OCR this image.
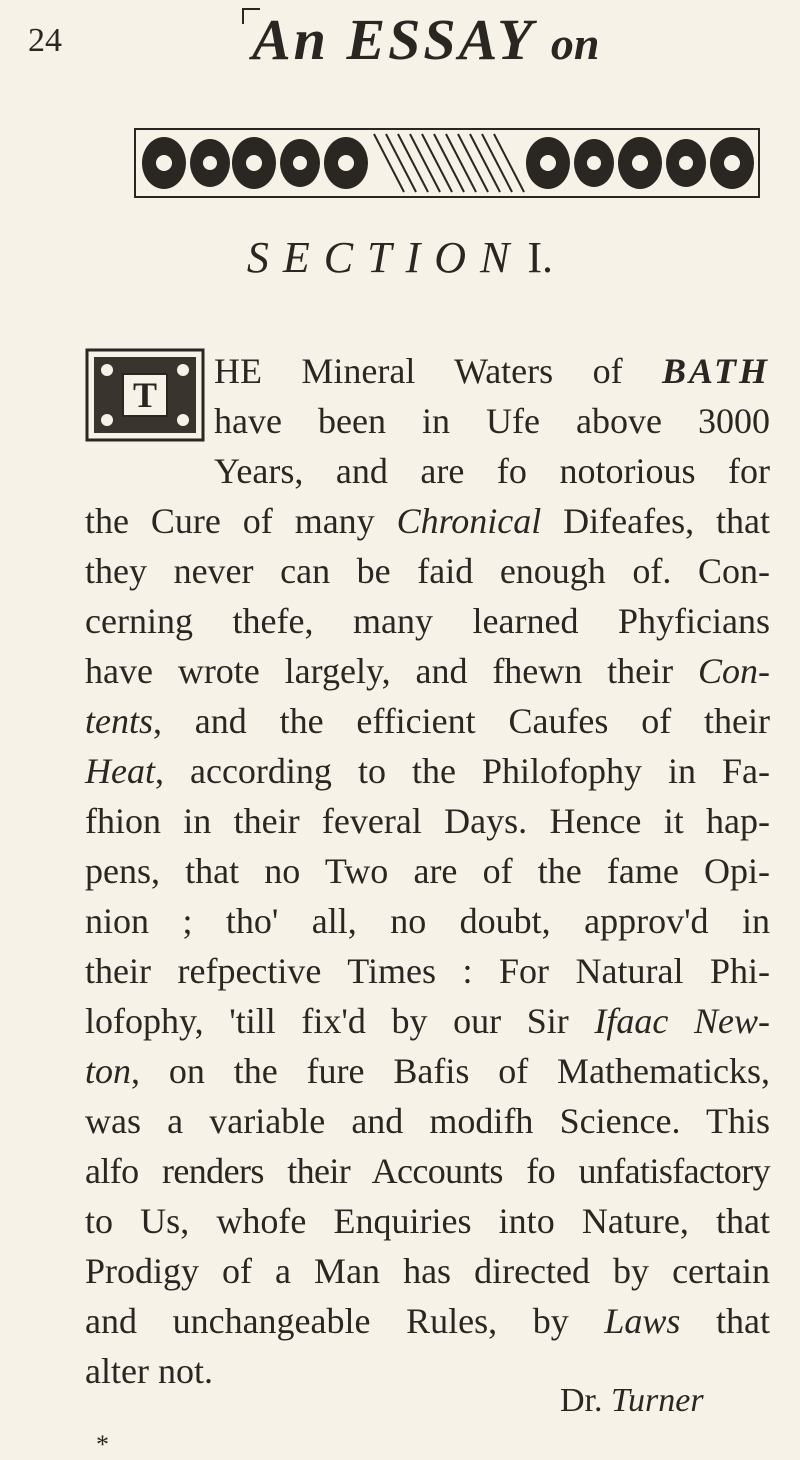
24	An ESSAY on
SECTIONI.
T
HE Mineral Waters of BATH
have been in Ufe above 3000
Years, and are fo notorious for
the Cure of many Chronical Difeafes, that
they never can be faid enough of. Con-
cerning thefe, many learned Phyficians
have wrote largely, and fhewn their Con-
tents, and the efficient Caufes of their
Heat, according to the Philofophy in Fa-
fhion in their feveral Days. Hence it hap-
pens, that no Two are of the fame Opi-
nion ; tho' all, no doubt, approv'd in
their refpective Times : For Natural Phi-
lofophy, 'till fix'd by our Sir Ifaac New-
ton, on the fure Bafis of Mathematicks,
was a variable and modifh Science. This
alfo renders their Accounts fo unfatisfactory
to Us, whofe Enquiries into Nature, that
*
Prodigy of a Man has directed by certain
and unchangeable Rules, by Laws that
alter not.
Dr. Turner
